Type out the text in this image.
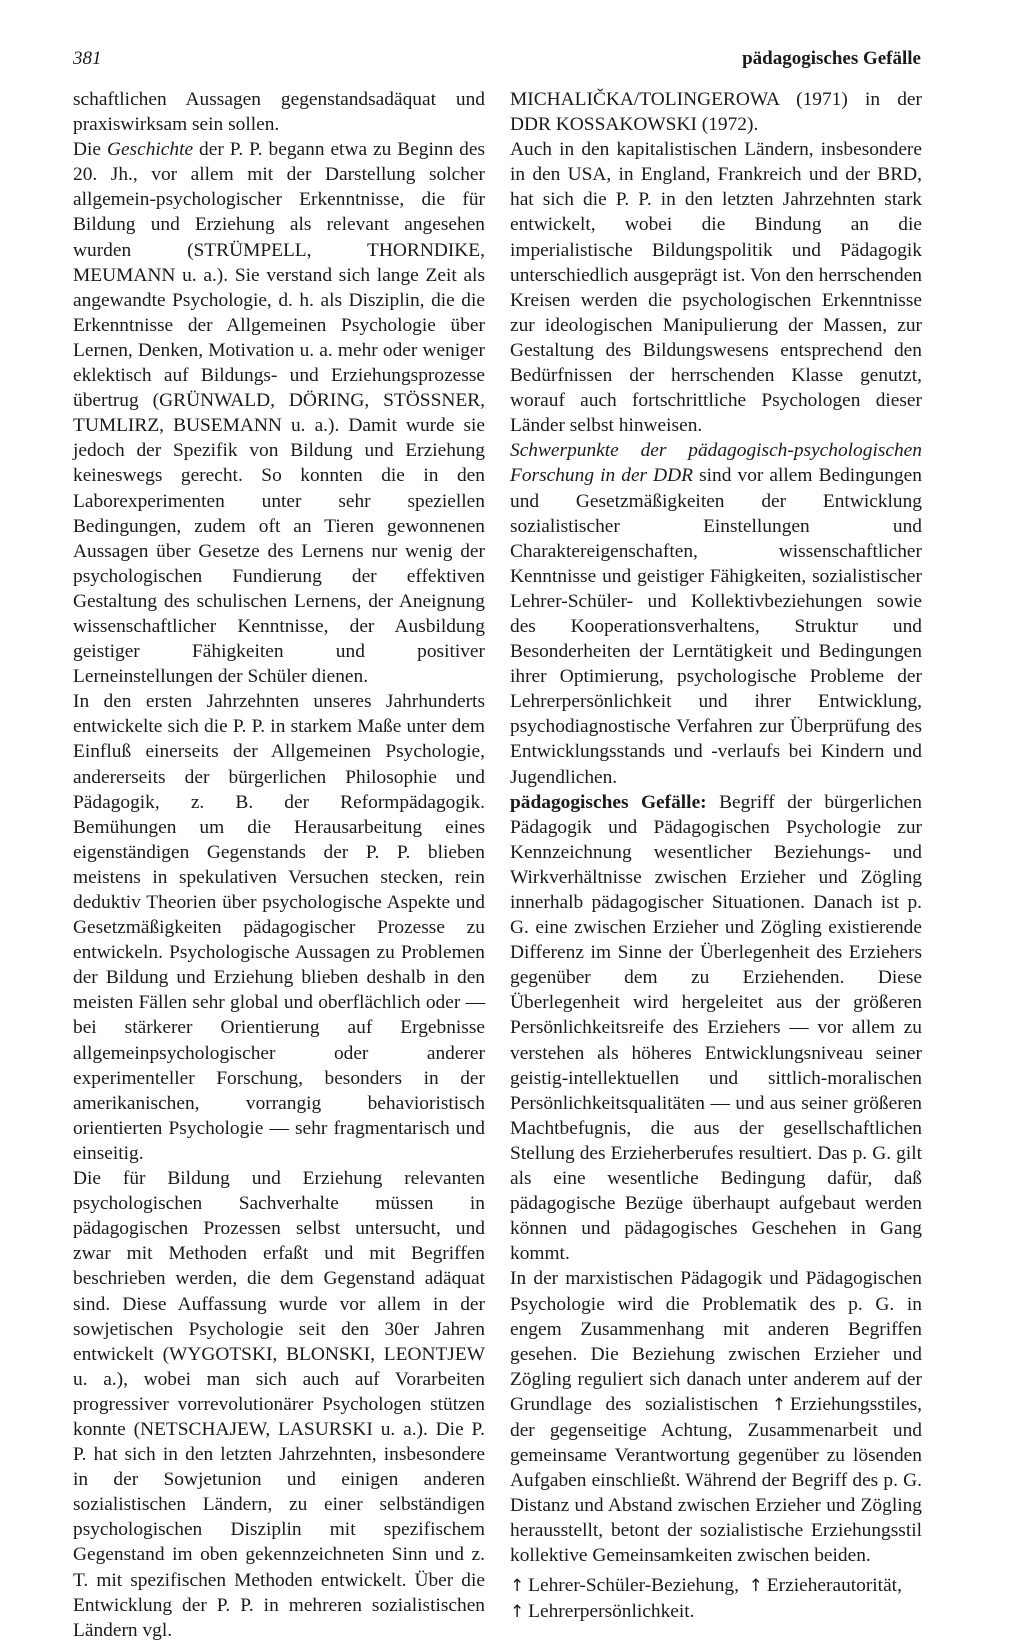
381	pädagogisches Gefälle

schaftlichen Aussagen gegenstandsadäquat und praxiswirksam sein sollen.

Die Geschichte der P. P. begann etwa zu Beginn des 20. Jh., vor allem mit der Darstellung solcher allgemein-psychologischer Erkenntnisse, die für Bildung und Erziehung als relevant angesehen wurden (STRÜMPELL, THORNDIKE, MEUMANN u. a.). Sie verstand sich lange Zeit als angewandte Psychologie, d. h. als Disziplin, die die Erkenntnisse der Allgemeinen Psychologie über Lernen, Denken, Motivation u. a. mehr oder weniger eklektisch auf Bildungs- und Erziehungsprozesse übertrug (GRÜNWALD, DÖRING, STÖSSNER, TUMLIRZ, BUSEMANN u. a.). Damit wurde sie jedoch der Spezifik von Bildung und Erziehung keineswegs gerecht. So konnten die in den Laborexperimenten unter sehr speziellen Bedingungen, zudem oft an Tieren gewonnenen Aussagen über Gesetze des Lernens nur wenig der psychologischen Fundierung der effektiven Gestaltung des schulischen Lernens, der Aneignung wissenschaftlicher Kenntnisse, der Ausbildung geistiger Fähigkeiten und positiver Lerneinstellungen der Schüler dienen.

In den ersten Jahrzehnten unseres Jahrhunderts entwickelte sich die P. P. in starkem Maße unter dem Einfluß einerseits der Allgemeinen Psychologie, andererseits der bürgerlichen Philosophie und Pädagogik, z. B. der Reformpädagogik. Bemühungen um die Herausarbeitung eines eigenständigen Gegenstands der P. P. blieben meistens in spekulativen Versuchen stecken, rein deduktiv Theorien über psychologische Aspekte und Gesetzmäßigkeiten pädagogischer Prozesse zu entwickeln. Psychologische Aussagen zu Problemen der Bildung und Erziehung blieben deshalb in den meisten Fällen sehr global und oberflächlich oder — bei stärkerer Orientierung auf Ergebnisse allgemeinpsychologischer oder anderer experimenteller Forschung, besonders in der amerikanischen, vorrangig behavioristisch orientierten Psychologie — sehr fragmentarisch und einseitig.

Die für Bildung und Erziehung relevanten psychologischen Sachverhalte müssen in pädagogischen Prozessen selbst untersucht, und zwar mit Methoden erfaßt und mit Begriffen beschrieben werden, die dem Gegenstand adäquat sind. Diese Auffassung wurde vor allem in der sowjetischen Psychologie seit den 30er Jahren entwickelt (WYGOTSKI, BLONSKI, LEONTJEW u. a.), wobei man sich auch auf Vorarbeiten progressiver vorrevolutionärer Psychologen stützen konnte (NETSCHAJEW, LASURSKI u. a.). Die P. P. hat sich in den letzten Jahrzehnten, insbesondere in der Sowjetunion und einigen anderen sozialistischen Ländern, zu einer selbständigen psychologischen Disziplin mit spezifischem Gegenstand im oben gekennzeichneten Sinn und z. T. mit spezifischen Methoden entwickelt. Über die Entwicklung der P. P. in mehreren sozialistischen Ländern vgl.

MICHALIČKA/TOLINGEROWA (1971) in der DDR KOSSAKOWSKI (1972).

Auch in den kapitalistischen Ländern, insbesondere in den USA, in England, Frankreich und der BRD, hat sich die P. P. in den letzten Jahrzehnten stark entwickelt, wobei die Bindung an die imperialistische Bildungspolitik und Pädagogik unterschiedlich ausgeprägt ist. Von den herrschenden Kreisen werden die psychologischen Erkenntnisse zur ideologischen Manipulierung der Massen, zur Gestaltung des Bildungswesens entsprechend den Bedürfnissen der herrschenden Klasse genutzt, worauf auch fortschrittliche Psychologen dieser Länder selbst hinweisen.

Schwerpunkte der pädagogisch-psychologischen Forschung in der DDR sind vor allem Bedingungen und Gesetzmäßigkeiten der Entwicklung sozialistischer Einstellungen und Charaktereigenschaften, wissenschaftlicher Kenntnisse und geistiger Fähigkeiten, sozialistischer Lehrer-Schüler- und Kollektivbeziehungen sowie des Kooperationsverhaltens, Struktur und Besonderheiten der Lerntätigkeit und Bedingungen ihrer Optimierung, psychologische Probleme der Lehrerpersönlichkeit und ihrer Entwicklung, psychodiagnostische Verfahren zur Überprüfung des Entwicklungsstands und -verlaufs bei Kindern und Jugendlichen.

pädagogisches Gefälle: Begriff der bürgerlichen Pädagogik und Pädagogischen Psychologie zur Kennzeichnung wesentlicher Beziehungs- und Wirkverhältnisse zwischen Erzieher und Zögling innerhalb pädagogischer Situationen. Danach ist p. G. eine zwischen Erzieher und Zögling existierende Differenz im Sinne der Überlegenheit des Erziehers gegenüber dem zu Erziehenden. Diese Überlegenheit wird hergeleitet aus der größeren Persönlichkeitsreife des Erziehers — vor allem zu verstehen als höheres Entwicklungsniveau seiner geistig-intellektuellen und sittlich-moralischen Persönlichkeitsqualitäten — und aus seiner größeren Machtbefugnis, die aus der gesellschaftlichen Stellung des Erzieherberufes resultiert. Das p. G. gilt als eine wesentliche Bedingung dafür, daß pädagogische Bezüge überhaupt aufgebaut werden können und pädagogisches Geschehen in Gang kommt.

In der marxistischen Pädagogik und Pädagogischen Psychologie wird die Problematik des p. G. in engem Zusammenhang mit anderen Begriffen gesehen. Die Beziehung zwischen Erzieher und Zögling reguliert sich danach unter anderem auf der Grundlage des sozialistischen ↑  Erziehungsstiles, der gegenseitige Achtung, Zusammenarbeit und gemeinsame Verantwortung gegenüber zu lösenden Aufgaben einschließt. Während der Begriff des p. G. Distanz und Abstand zwischen Erzieher und Zögling herausstellt, betont der sozialistische Erziehungsstil kollektive Gemeinsamkeiten zwischen beiden.

↑  Lehrer-Schüler-Beziehung, ↑  Erzieherautorität,
↑  Lehrerpersönlichkeit.
